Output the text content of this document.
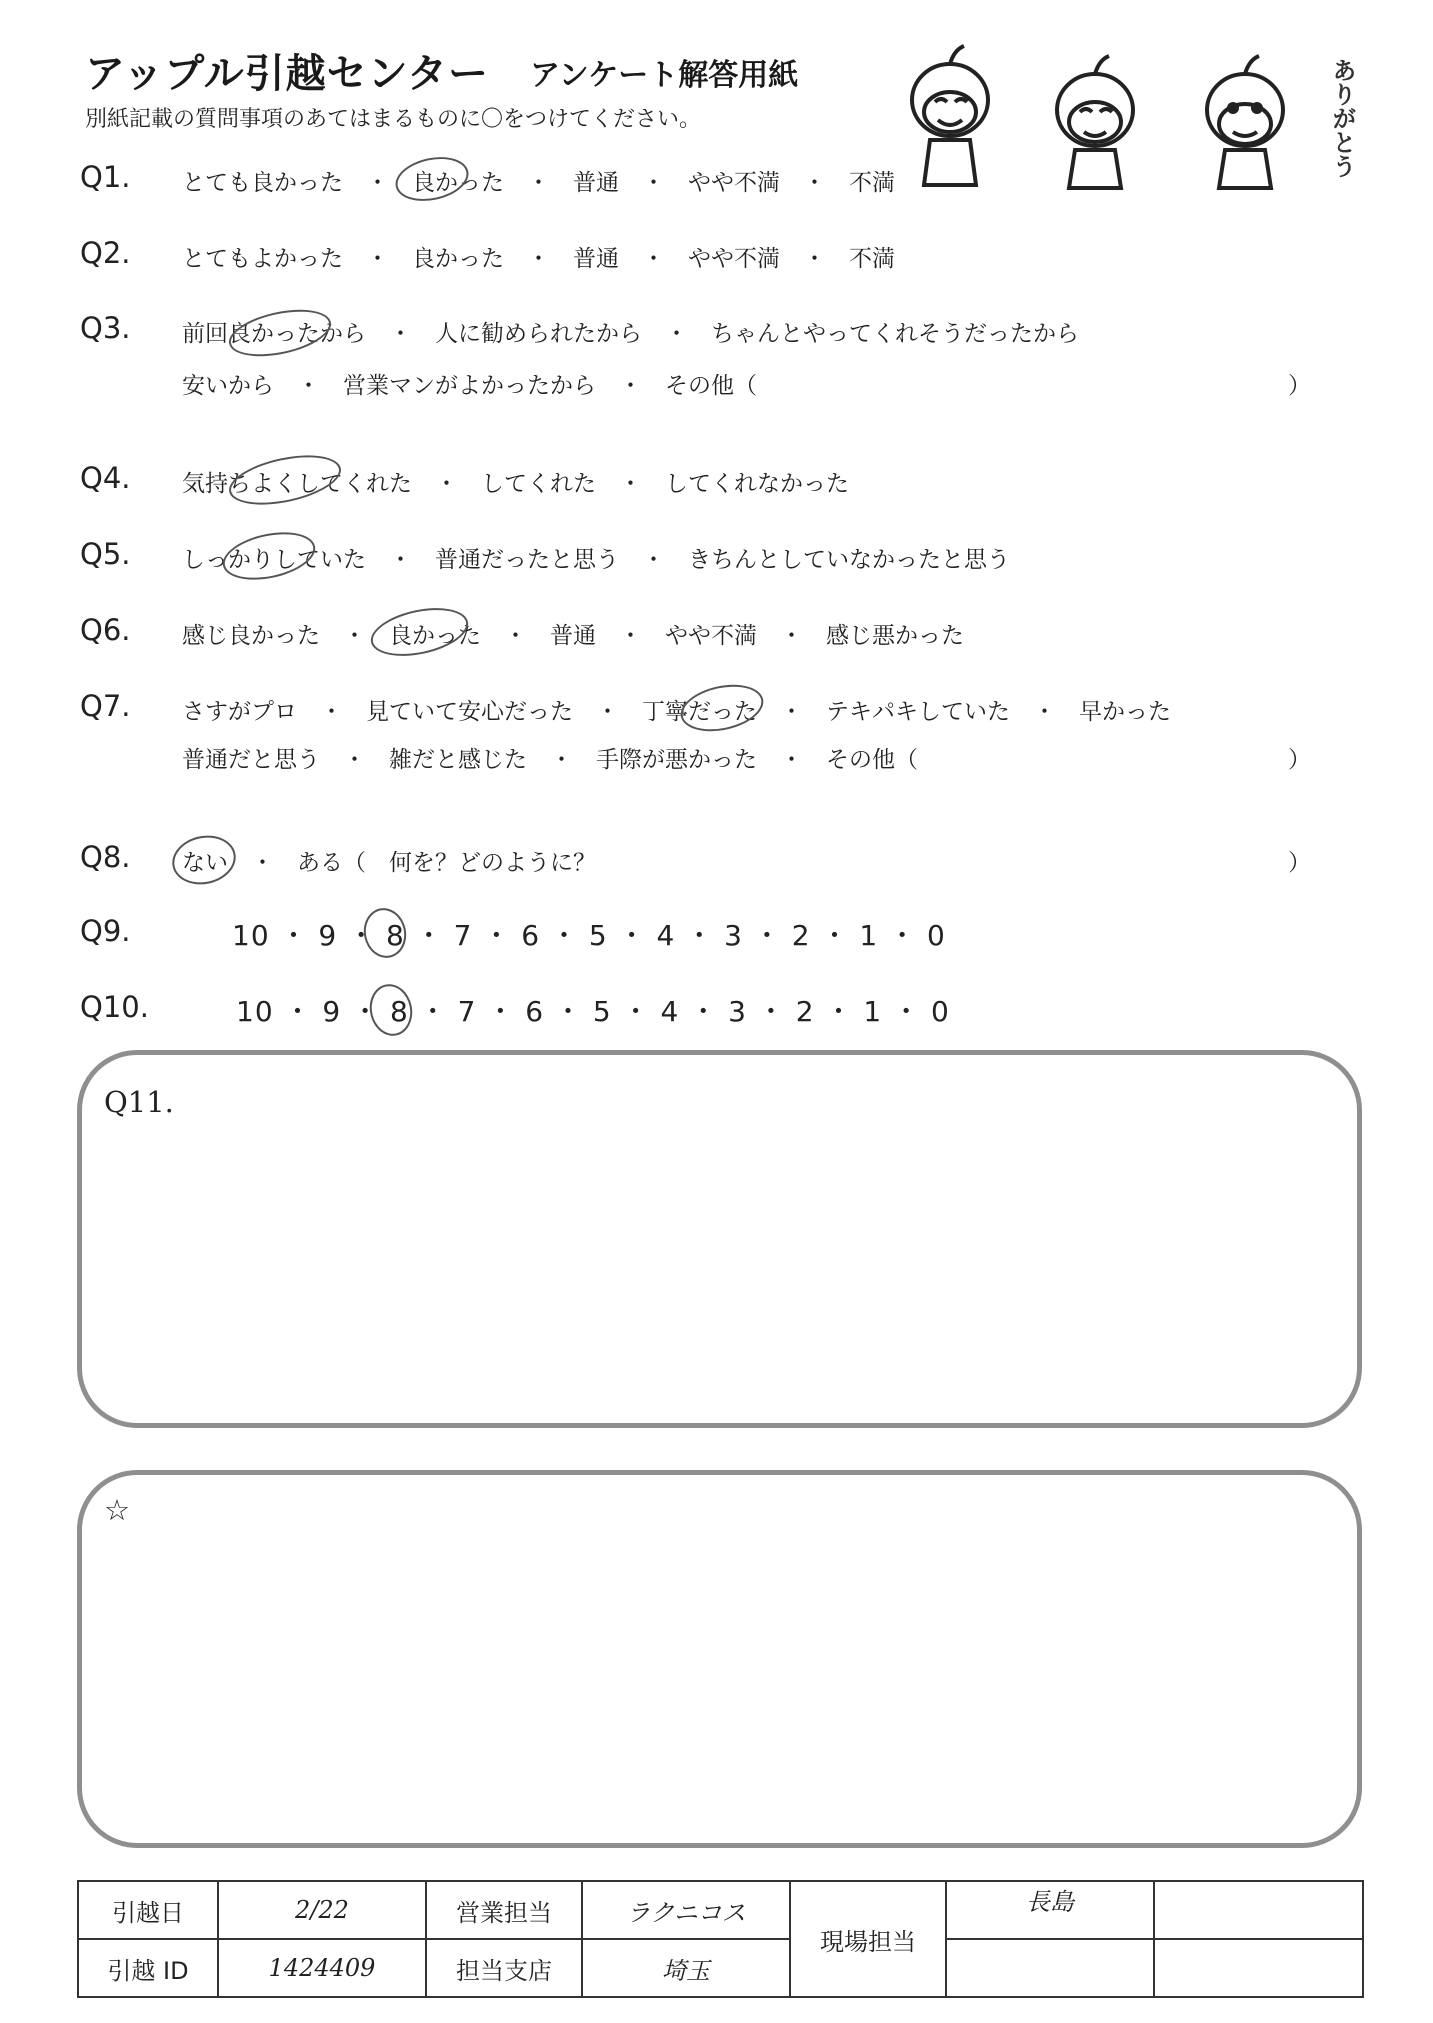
アップル引越センター アンケート解答用紙
別紙記載の質問事項のあてはまるものに〇をつけてください。	ありがとう
Q1. とても良かった　・　良かった　・　普通　・　やや不満　・　不満
Q2. とてもよかった　・　良かった　・　普通　・　やや不満　・　不満
Q3. 前回良かったから　・　人に勧められたから　・　ちゃんとやってくれそうだったから
安いから　・　営業マンがよかったから　・　その他（	）
Q4. 気持ちよくしてくれた　・　してくれた　・　してくれなかった
Q5. しっかりしていた　・　普通だったと思う　・　きちんとしていなかったと思う
Q6. 感じ良かった　・　良かった　・　普通　・　やや不満　・　感じ悪かった
Q7. さすがプロ　・　見ていて安心だった　・　丁寧だった　・　テキパキしていた　・　早かった
普通だと思う　・　雑だと感じた　・　手際が悪かった　・　その他（	）
Q8. ない　・　ある（　何を？どのように？	）
Q9.	10 ・ 9 ・ 8 ・ 7 ・ 6 ・ 5 ・ 4 ・ 3 ・ 2 ・ 1 ・ 0
Q10.	10 ・ 9 ・ 8 ・ 7 ・ 6 ・ 5 ・ 4 ・ 3 ・ 2 ・ 1 ・ 0
Q11.
☆
引越日	2/22	営業担当	ラクニコス	現場担当	長島	
引越 ID	1424409	担当支店	埼玉			
